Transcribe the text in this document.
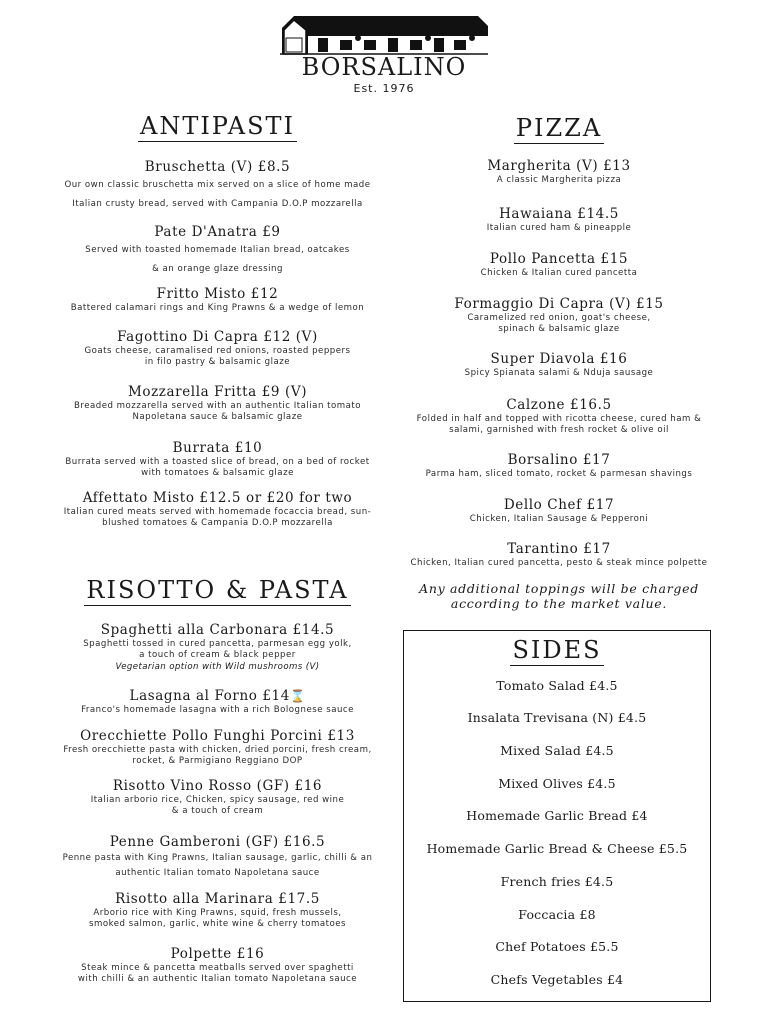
BORSALINO
Est. 1976
ANTIPASTI
Bruschetta (V) £8.5
Our own classic bruschetta mix served on a slice of home made
Italian crusty bread, served with Campania D.O.P mozzarella
Pate D'Anatra £9
Served with toasted homemade Italian bread, oatcakes
& an orange glaze dressing
Fritto Misto £12
Battered calamari rings and King Prawns & a wedge of lemon
Fagottino Di Capra £12 (V)
Goats cheese, caramalised red onions, roasted peppers
in filo pastry & balsamic glaze
Mozzarella Fritta £9 (V)
Breaded mozzarella served with an authentic Italian tomato
Napoletana sauce & balsamic glaze
Burrata £10
Burrata served with a toasted slice of bread, on a bed of rocket
with tomatoes & balsamic glaze
Affettato Misto £12.5 or £20 for two
Italian cured meats served with homemade focaccia bread, sun-
blushed tomatoes & Campania D.O.P mozzarella
RISOTTO & PASTA
Spaghetti alla Carbonara £14.5
Spaghetti tossed in cured pancetta, parmesan egg yolk,
a touch of cream & black pepper
Vegetarian option with Wild mushrooms (V)
Lasagna al Forno £14⌛
Franco's homemade lasagna with a rich Bolognese sauce
Orecchiette Pollo Funghi Porcini £13
Fresh orecchiette pasta with chicken, dried porcini, fresh cream,
rocket, & Parmigiano Reggiano DOP
Risotto Vino Rosso (GF) £16
Italian arborio rice, Chicken, spicy sausage, red wine
& a touch of cream
Penne Gamberoni (GF) £16.5
Penne pasta with King Prawns, Italian sausage, garlic, chilli & an
authentic Italian tomato Napoletana sauce
Risotto alla Marinara £17.5
Arborio rice with King Prawns, squid, fresh mussels,
smoked salmon, garlic, white wine & cherry tomatoes
Polpette £16
Steak mince & pancetta meatballs served over spaghetti
with chilli & an authentic Italian tomato Napoletana sauce
PIZZA
Margherita (V) £13
A classic Margherita pizza
Hawaiana £14.5
Italian cured ham & pineapple
Pollo Pancetta £15
Chicken & Italian cured pancetta
Formaggio Di Capra (V) £15
Caramelized red onion, goat's cheese,
spinach & balsamic glaze
Super Diavola £16
Spicy Spianata salami & Nduja sausage
Calzone £16.5
Folded in half and topped with ricotta cheese, cured ham &
salami, garnished with fresh rocket & olive oil
Borsalino £17
Parma ham, sliced tomato, rocket & parmesan shavings
Dello Chef £17
Chicken, Italian Sausage & Pepperoni
Tarantino £17
Chicken, Italian cured pancetta, pesto & steak mince polpette
Any additional toppings will be charged
according to the market value.
SIDES
Tomato Salad £4.5
Insalata Trevisana (N) £4.5
Mixed Salad £4.5
Mixed Olives £4.5
Homemade Garlic Bread £4
Homemade Garlic Bread & Cheese £5.5
French fries £4.5
Foccacia £8
Chef Potatoes £5.5
Chefs Vegetables £4
